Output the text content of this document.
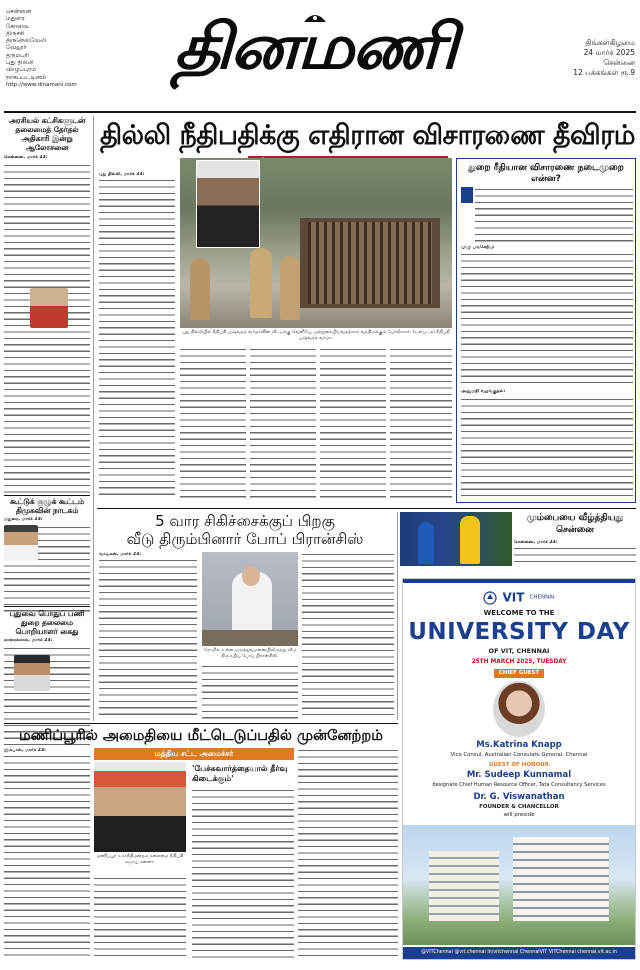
சென்னை
மதுரை
கோவை
திருச்சி
திருநெல்வேலி
வேலூர்
தருமபுரி
புது தில்லி
விழுப்புரம்
நாகப்பட்டினம்
http://www.dinamani.com
தினமணி	திங்கள்கிழமை
24 மார்ச் 2025
சென்னை
12 பக்கங்கள் ரூ.9
அரசியல் கட்சிகளுடன் தலைமைத் தேர்தல் அதிகாரி இன்று ஆலோசனை
சென்னை, மார்ச் 23:
கூட்டுக் குழுக் கூட்டம் திமுகவின் நாடகம்
மதுரை, மார்ச் 23:
புதுவை பொதுப் பணி துறை தலைமை பொறியாளர் கைது
காரைக்கால், மார்ச் 23:
தில்லி நீதிபதிக்கு எதிரான விசாரணை தீவிரம்
புது தில்லி, மார்ச் 23:
புது தில்லியில் நீதிபதி யஷ்வந்த் வர்மாவின் வீட்டுக்கு வெளியே முற்றுகையிடுவதற்காக வந்திருக்கும் போலீஸார். (உள்படம்) நீதிபதி யஷ்வந்த் வர்மா.
துறை ரீதியான விசாரணை நடைமுறை என்ன?
முழு பங்கேற்பு:
அனுமதி வழங்குதல்:
5 வார சிகிச்சைக்குப் பிறகு
வீடு திரும்பினார் போப் பிரான்சிஸ்
வாடிகன், மார்ச் 23:
ரோமில் உள்ள மருத்துவமனையிலிருந்து வீடு திரும்பிய போப் பிரான்சிஸ்.
மும்பையை வீழ்த்தியது சென்னை
சென்னை, மார்ச் 23:
VIT CHENNAI
WELCOME TO THE
UNIVERSITY DAY
OF VIT, CHENNAI
25TH MARCH 2025, TUESDAY
CHIEF GUEST
Ms.Katrina Knapp
Vice Consul, Australian Consulate General, Chennai
GUEST OF HONOUR
Mr. Sudeep Kunnamal
designate Chief Human Resource Officer, Tata Consultancy Services
Dr. G. Viswanathan
FOUNDER & CHANCELLOR
will preside
@VITChennai @vit.chennai in/vitchennai ChennaiVIT VITChennai chennai.vit.ac.in
மணிப்பூரில் அமைதியை மீட்டெடுப்பதில் முன்னேற்றம்
இம்பால், மார்ச் 23:	மத்திய சட்ட அமைச்சர்
மணிப்பூர் உச்சநீதிமன்றம் தலைமை நீதிபதி சஞ்சய் கன்னா.
'பேச்சுவார்த்தையால் தீர்வு கிடைக்கும்'
